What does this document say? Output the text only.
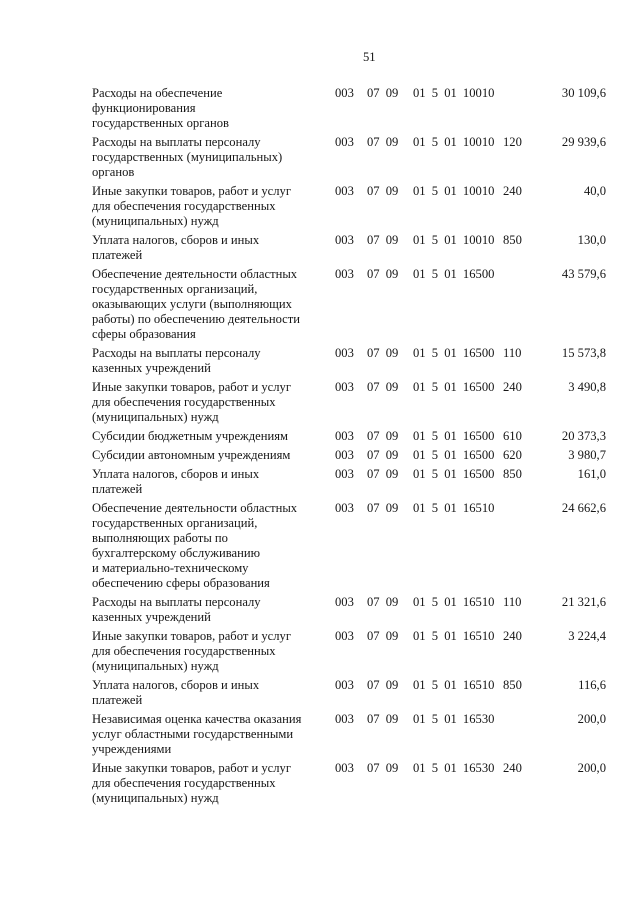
51
Расходы на обеспечение
функционирования
государственных органов
003	07 09	01 5 01 10010	30 109,6
Расходы на выплаты персоналу
государственных (муниципальных)
органов
003	07 09	01 5 01 10010 120	29 939,6
Иные закупки товаров, работ и услуг
для обеспечения государственных
(муниципальных) нужд
003	07 09	01 5 01 10010 240	40,0
Уплата налогов, сборов и иных
платежей
003	07 09	01 5 01 10010 850	130,0
Обеспечение деятельности областных
государственных организаций,
оказывающих услуги (выполняющих
работы) по обеспечению деятельности
сферы образования
003	07 09	01 5 01 16500	43 579,6
Расходы на выплаты персоналу
казенных учреждений
003	07 09	01 5 01 16500 110	15 573,8
Иные закупки товаров, работ и услуг
для обеспечения государственных
(муниципальных) нужд
003	07 09	01 5 01 16500 240	3 490,8
Субсидии бюджетным учреждениям	003	07 09	01 5 01 16500 610	20 373,3
Субсидии автономным учреждениям	003	07 09	01 5 01 16500 620	3 980,7
Уплата налогов, сборов и иных
платежей
003	07 09	01 5 01 16500 850	161,0
Обеспечение деятельности областных
государственных организаций,
выполняющих работы по
бухгалтерскому обслуживанию
и материально-техническому
обеспечению сферы образования
003	07 09	01 5 01 16510	24 662,6
Расходы на выплаты персоналу
казенных учреждений
003	07 09	01 5 01 16510 110	21 321,6
Иные закупки товаров, работ и услуг
для обеспечения государственных
(муниципальных) нужд
003	07 09	01 5 01 16510 240	3 224,4
Уплата налогов, сборов и иных
платежей
003	07 09	01 5 01 16510 850	116,6
Независимая оценка качества оказания
услуг областными государственными
учреждениями
003	07 09	01 5 01 16530	200,0
Иные закупки товаров, работ и услуг
для обеспечения государственных
(муниципальных) нужд
003	07 09	01 5 01 16530 240	200,0
